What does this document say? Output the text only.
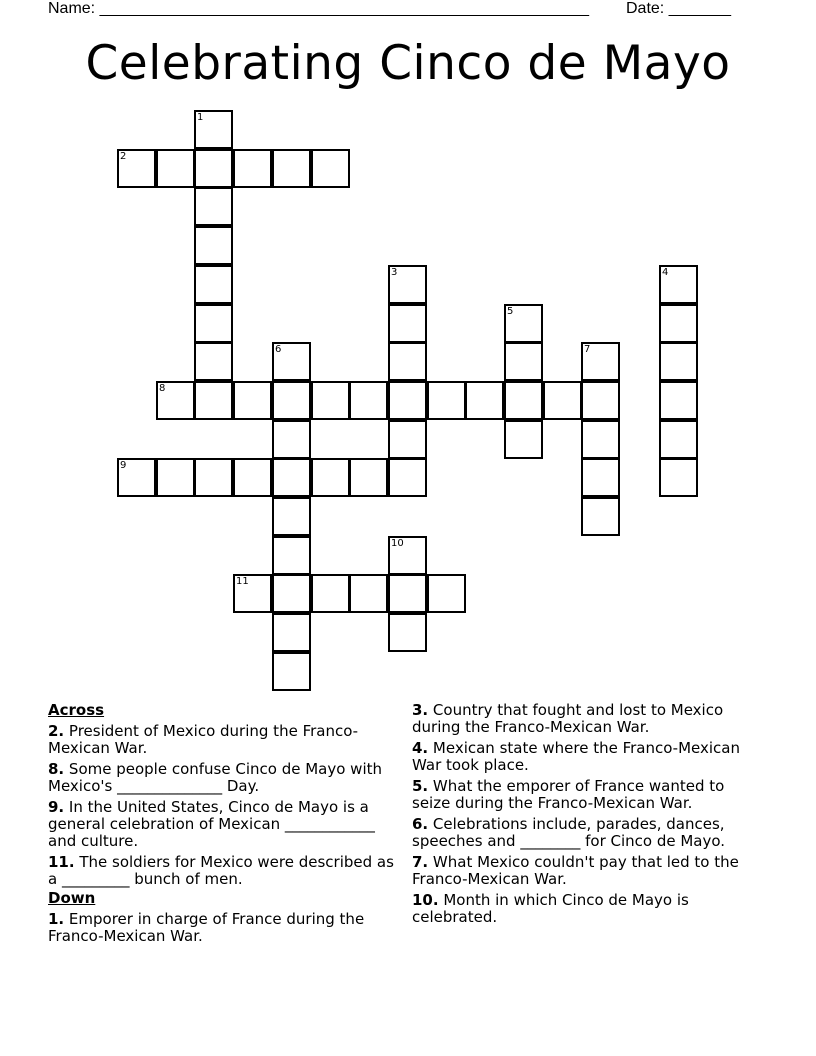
Name: _______________________________________________________ Date: _______
Celebrating Cinco de Mayo
1
2
3	4
5
6	7
8
9
10
11
Across
2. President of Mexico during the Franco-Mexican War.
8. Some people confuse Cinco de Mayo with Mexico's ______________ Day.
9. In the United States, Cinco de Mayo is a general celebration of Mexican ____________ and culture.
11. The soldiers for Mexico were described as a _________ bunch of men.
Down
1. Emporer in charge of France during the Franco-Mexican War.
3. Country that fought and lost to Mexico during the Franco-Mexican War.
4. Mexican state where the Franco-Mexican War took place.
5. What the emporer of France wanted to seize during the Franco-Mexican War.
6. Celebrations include, parades, dances, speeches and ________ for Cinco de Mayo.
7. What Mexico couldn't pay that led to the Franco-Mexican War.
10. Month in which Cinco de Mayo is celebrated.
